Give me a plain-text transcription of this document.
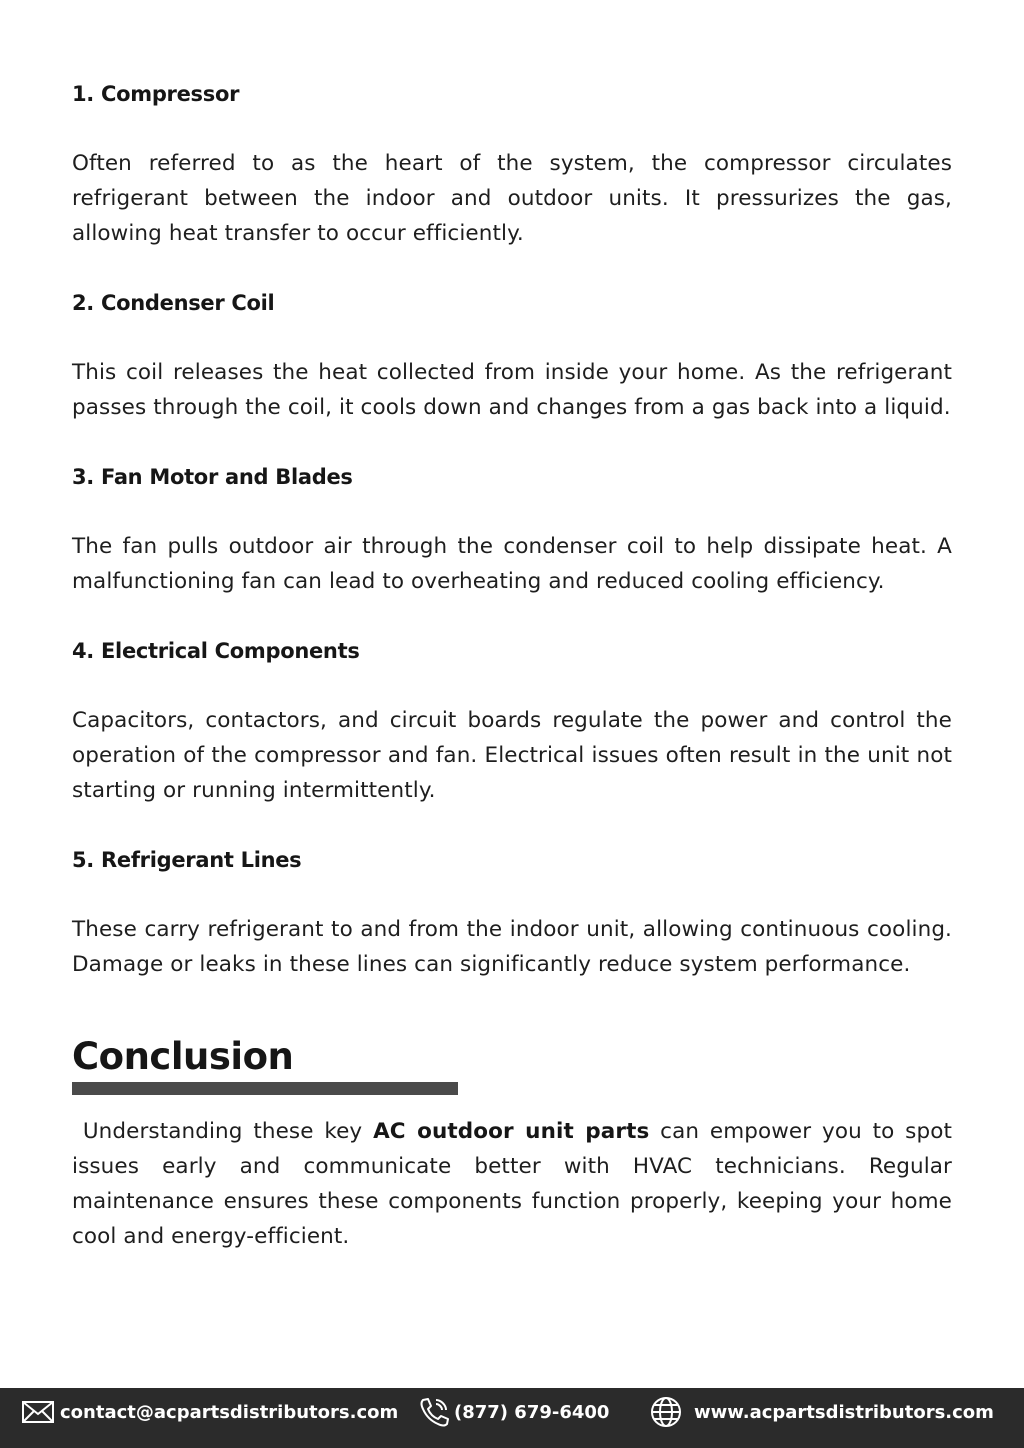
1. Compressor

Often referred to as the heart of the system, the compressor circulates refrigerant between the indoor and outdoor units. It pressurizes the gas, allowing heat transfer to occur efficiently.

2. Condenser Coil

This coil releases the heat collected from inside your home. As the refrigerant passes through the coil, it cools down and changes from a gas back into a liquid.

3. Fan Motor and Blades

The fan pulls outdoor air through the condenser coil to help dissipate heat. A malfunctioning fan can lead to overheating and reduced cooling efficiency.

4. Electrical Components

Capacitors, contactors, and circuit boards regulate the power and control the operation of the compressor and fan. Electrical issues often result in the unit not starting or running intermittently.

5. Refrigerant Lines

These carry refrigerant to and from the indoor unit, allowing continuous cooling. Damage or leaks in these lines can significantly reduce system performance.

Conclusion

Understanding these key AC outdoor unit parts can empower you to spot issues early and communicate better with HVAC technicians. Regular maintenance ensures these components function properly, keeping your home cool and energy-efficient.

contact@acpartsdistributors.com	(877) 679-6400	www.acpartsdistributors.com
